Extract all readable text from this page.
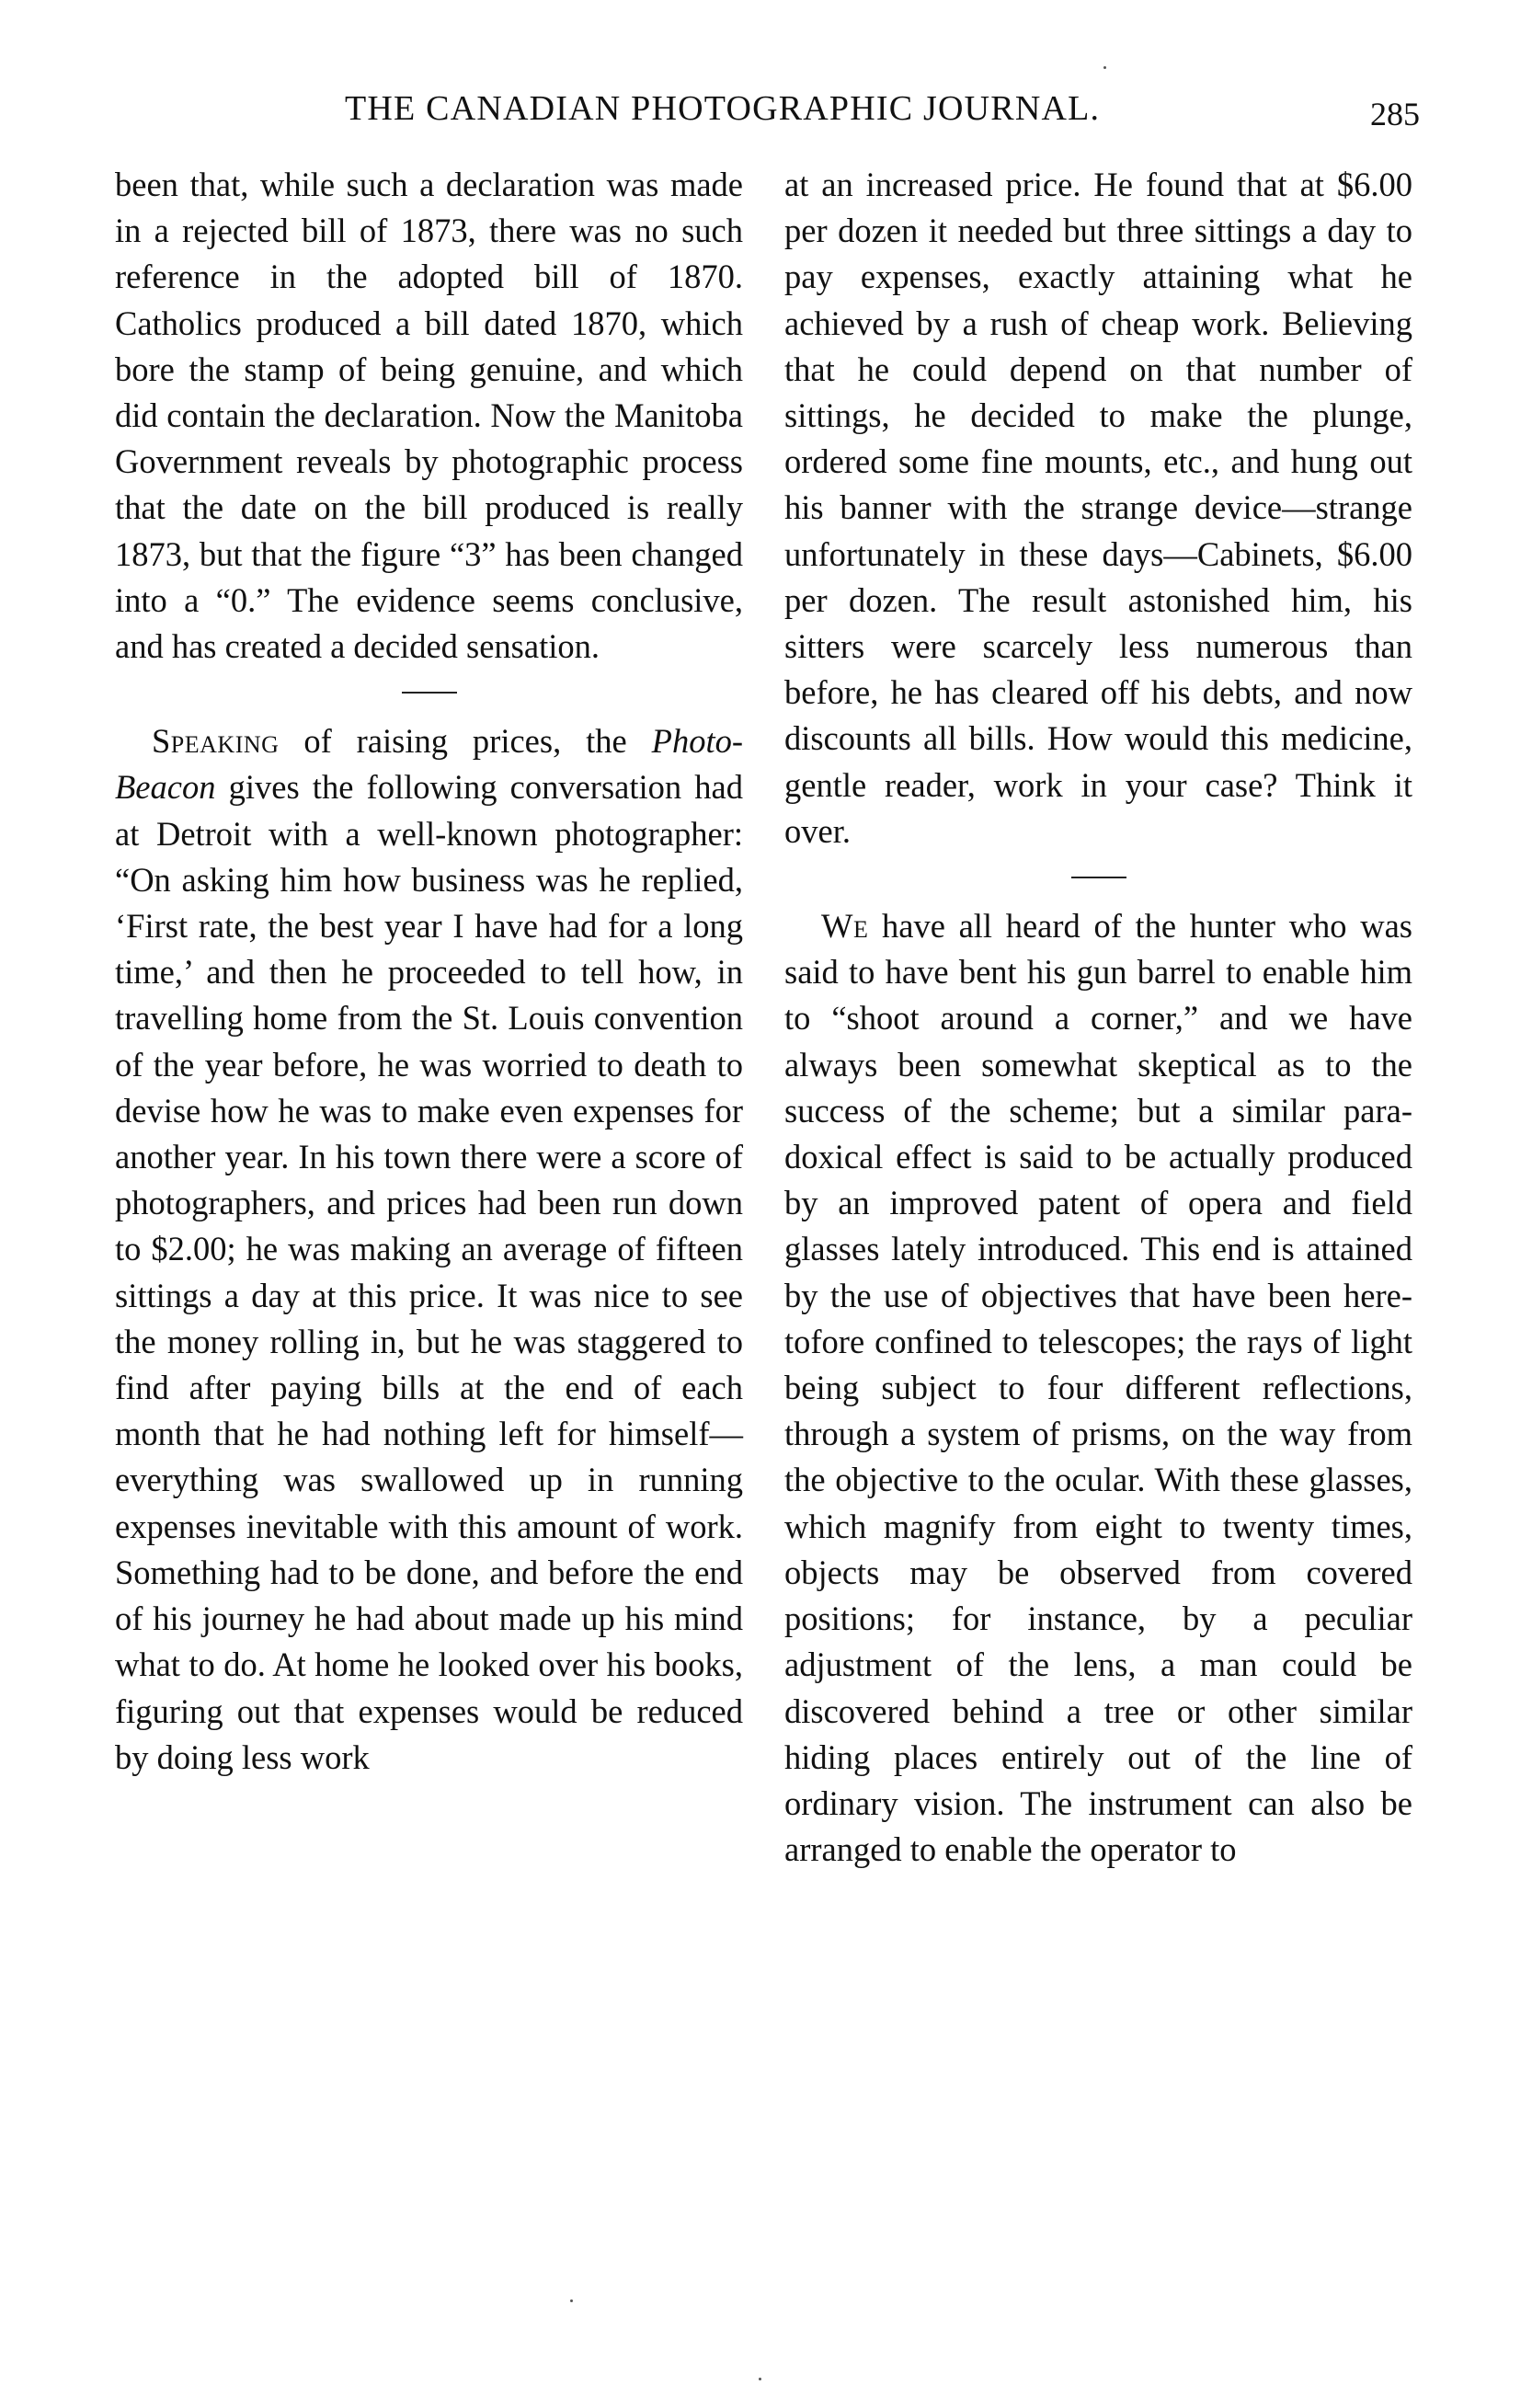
THE CANADIAN PHOTOGRAPHIC JOURNAL.	285

been that, while such a declaration was made in a rejected bill of 1873, there was no such reference in the adopted bill of 1870. Catholics produced a bill dated 1870, which bore the stamp of being genuine, and which did contain the declaration. Now the Manitoba Government reveals by photographic process that the date on the bill produced is really 1873, but that the figure “3” has been changed into a “0.” The evidence seems conclusive, and has created a decided sensation.

Speaking of raising prices, the Photo-Beacon gives the following conversation had at Detroit with a well-known photographer: “On asking him how business was he replied, ‘First rate, the best year I have had for a long time,’ and then he proceeded to tell how, in travelling home from the St. Louis convention of the year before, he was worried to death to devise how he was to make even expenses for another year. In his town there were a score of photographers, and prices had been run down to $2.00; he was making an average of fifteen sittings a day at this price. It was nice to see the money rolling in, but he was staggered to find after paying bills at the end of each month that he had nothing left for himself—everything was swallowed up in running expenses inevitable with this amount of work. Something had to be done, and before the end of his journey he had about made up his mind what to do. At home he looked over his books, figuring out that expenses would be reduced by doing less work

at an increased price. He found that at $6.00 per dozen it needed but three sittings a day to pay expenses, exactly attaining what he achieved by a rush of cheap work. Believing that he could depend on that number of sittings, he decided to make the plunge, ordered some fine mounts, etc., and hung out his banner with the strange device—strange unfortunately in these days—Cabinets, $6.00 per dozen. The result astonished him, his sitters were scarcely less numerous than before, he has cleared off his debts, and now discounts all bills. How would this medicine, gentle reader, work in your case? Think it over.

We have all heard of the hunter who was said to have bent his gun barrel to enable him to “shoot around a corner,” and we have always been somewhat skeptical as to the success of the scheme; but a similar paradoxical effect is said to be actually produced by an improved patent of opera and field glasses lately introduced. This end is attained by the use of objectives that have been heretofore confined to telescopes; the rays of light being subject to four different reflections, through a system of prisms, on the way from the objective to the ocular. With these glasses, which magnify from eight to twenty times, objects may be observed from covered positions; for instance, by a peculiar adjustment of the lens, a man could be discovered behind a tree or other similar hiding places entirely out of the line of ordinary vision. The instrument can also be arranged to enable the operator to
